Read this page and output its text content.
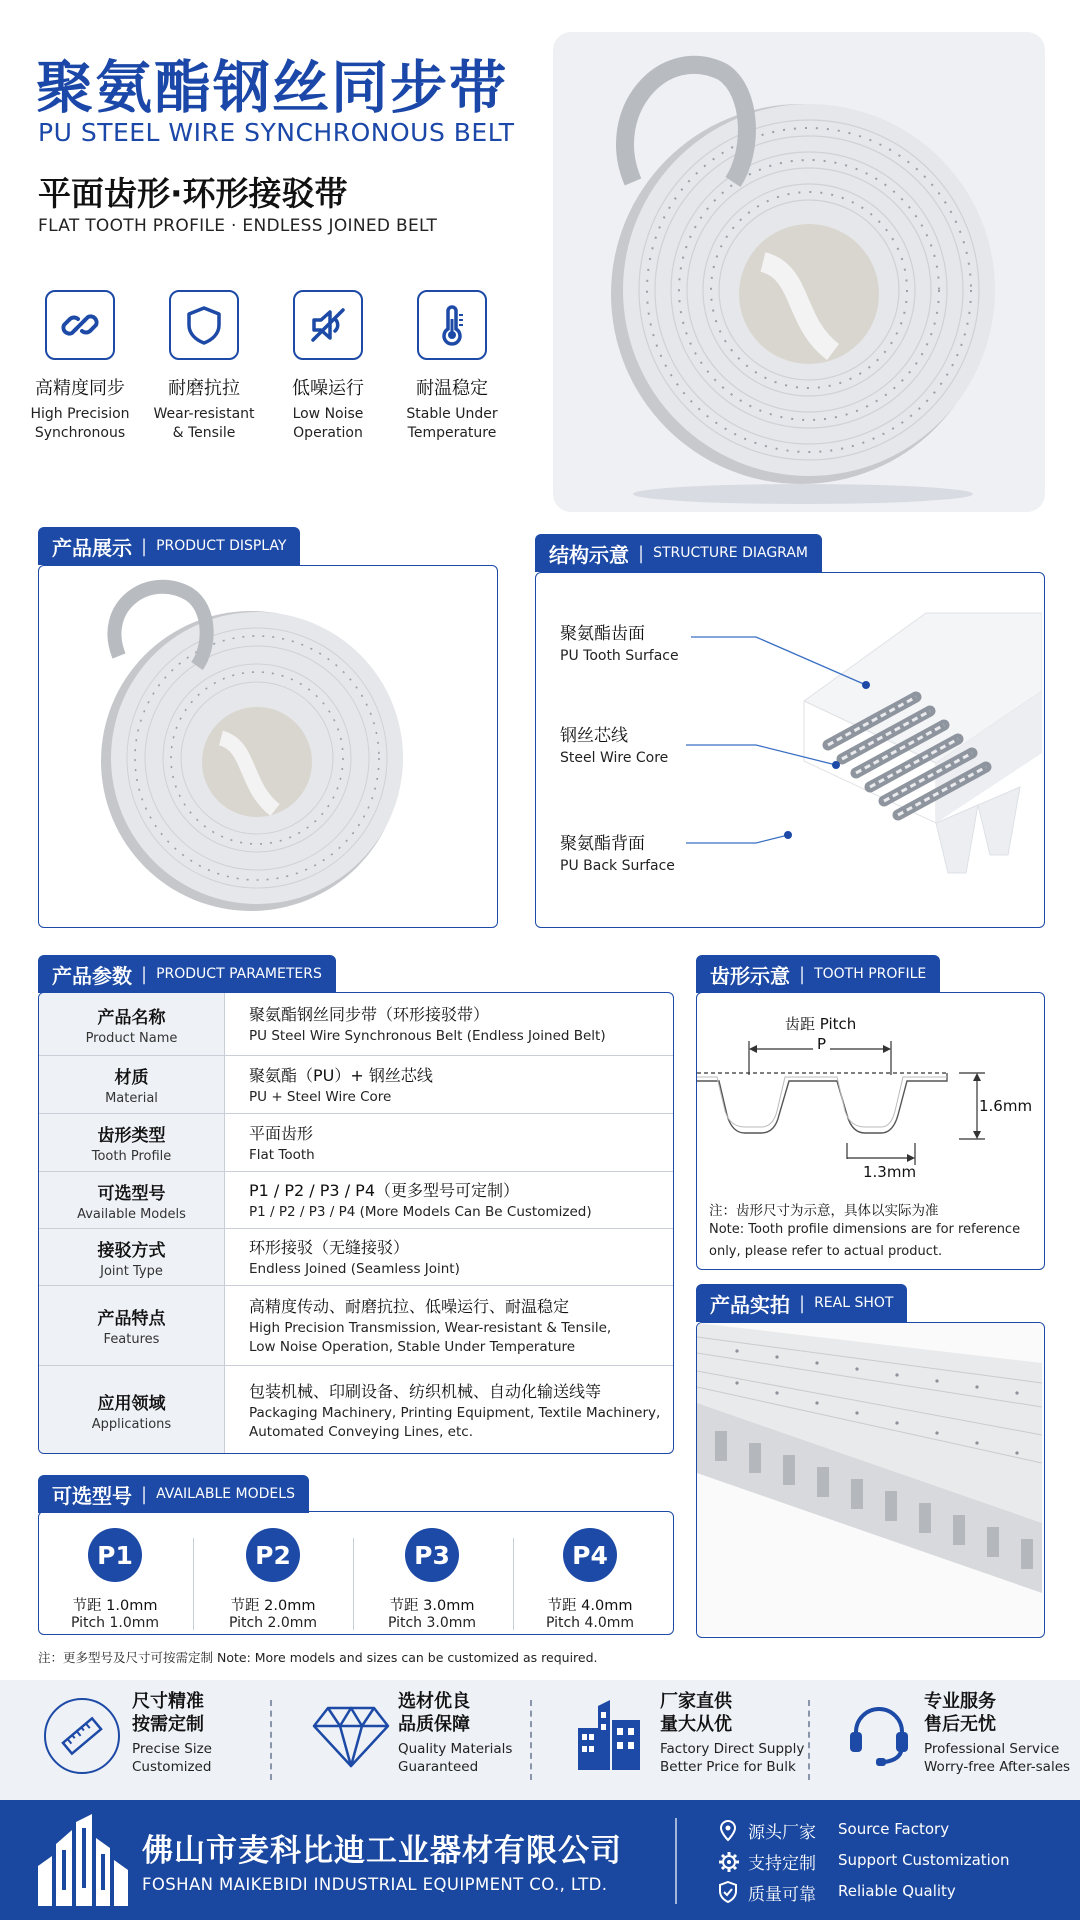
聚氨酯钢丝同步带
PU STEEL WIRE SYNCHRONOUS BELT
平面齿形·环形接驳带
FLAT TOOTH PROFILE · ENDLESS JOINED BELT
高精度同步
High Precision
Synchronous
耐磨抗拉
Wear-resistant
& Tensile
低噪运行
Low Noise
Operation
耐温稳定
Stable Under
Temperature
产品展示 | PRODUCT DISPLAY
聚氨酯齿面
PU Tooth Surface
钢丝芯线
Steel Wire Core
聚氨酯背面
PU Back Surface
结构示意 | STRUCTURE DIAGRAM
产品名称
Product Name
聚氨酯钢丝同步带（环形接驳带）
PU Steel Wire Synchronous Belt (Endless Joined Belt)
材质
Material
聚氨酯（PU）+ 钢丝芯线
PU + Steel Wire Core
齿形类型
Tooth Profile
平面齿形
Flat Tooth
可选型号
Available Models
P1 / P2 / P3 / P4（更多型号可定制）
P1 / P2 / P3 / P4 (More Models Can Be Customized)
接驳方式
Joint Type
环形接驳（无缝接驳）
Endless Joined (Seamless Joint)
产品特点
Features
高精度传动、耐磨抗拉、低噪运行、耐温稳定
High Precision Transmission, Wear-resistant & Tensile,
Low Noise Operation, Stable Under Temperature
应用领域
Applications
包装机械、印刷设备、纺织机械、自动化输送线等
Packaging Machinery, Printing Equipment, Textile Machinery,
Automated Conveying Lines, etc.
产品参数 | PRODUCT PARAMETERS
齿距 Pitch
P
1.6mm
1.3mm
注：齿形尺寸为示意，具体以实际为准
Note: Tooth profile dimensions are for reference
only, please refer to actual product.
齿形示意 | TOOTH PROFILE
产品实拍 | REAL SHOT
可选型号 | AVAILABLE MODELS
P1
节距 1.0mm
Pitch 1.0mm
P2
节距 2.0mm
Pitch 2.0mm
P3
节距 3.0mm
Pitch 3.0mm
P4
节距 4.0mm
Pitch 4.0mm
注：更多型号及尺寸可按需定制 Note: More models and sizes can be customized as required.
尺寸精准
按需定制
Precise Size
Customized
选材优良
品质保障
Quality Materials
Guaranteed
厂家直供
量大从优
Factory Direct Supply
Better Price for Bulk
专业服务
售后无忧
Professional Service
Worry-free After-sales
佛山市麦科比迪工业器材有限公司
FOSHAN MAIKEBIDI INDUSTRIAL EQUIPMENT CO., LTD.
源头厂家 Source Factory
支持定制 Support Customization
质量可靠 Reliable Quality
